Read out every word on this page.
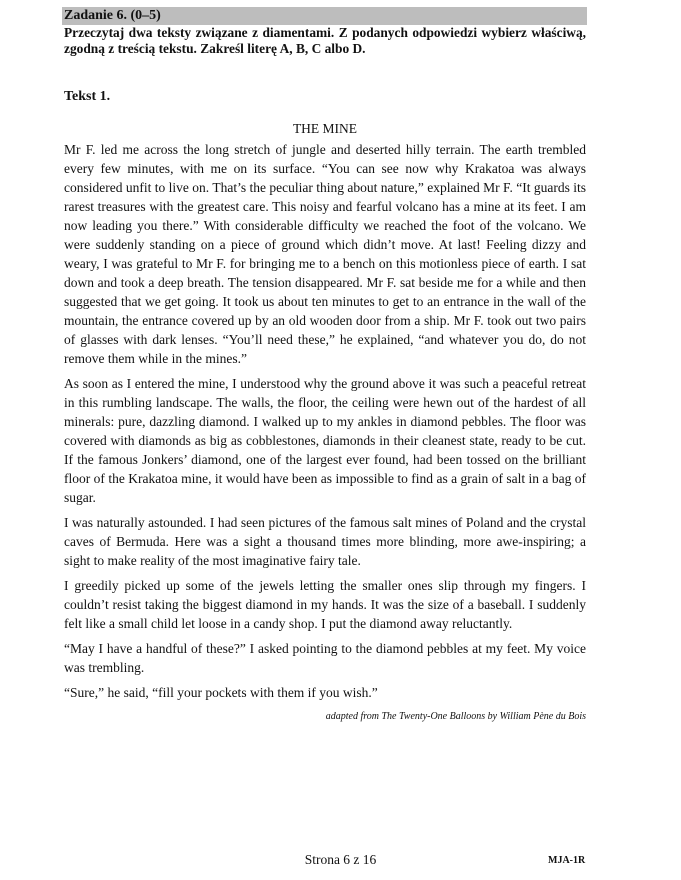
Zadanie 6. (0–5)
Przeczytaj dwa teksty związane z diamentami. Z podanych odpowiedzi wybierz właściwą, zgodną z treścią tekstu. Zakreśl literę A, B, C albo D.
Tekst 1.
THE MINE

Mr F. led me across the long stretch of jungle and deserted hilly terrain. The earth trembled every few minutes, with me on its surface. “You can see now why Krakatoa was always considered unfit to live on. That’s the peculiar thing about nature,” explained Mr F. “It guards its rarest treasures with the greatest care. This noisy and fearful volcano has a mine at its feet. I am now leading you there.” With considerable difficulty we reached the foot of the volcano. We were suddenly standing on a piece of ground which didn’t move. At last! Feeling dizzy and weary, I was grateful to Mr F. for bringing me to a bench on this motionless piece of earth. I sat down and took a deep breath. The tension disappeared. Mr F. sat beside me for a while and then suggested that we get going. It took us about ten minutes to get to an entrance in the wall of the mountain, the entrance covered up by an old wooden door from a ship. Mr F. took out two pairs of glasses with dark lenses. “You’ll need these,” he explained, “and whatever you do, do not remove them while in the mines.”

As soon as I entered the mine, I understood why the ground above it was such a peaceful retreat in this rumbling landscape. The walls, the floor, the ceiling were hewn out of the hardest of all minerals: pure, dazzling diamond. I walked up to my ankles in diamond pebbles. The floor was covered with diamonds as big as cobblestones, diamonds in their cleanest state, ready to be cut. If the famous Jonkers’ diamond, one of the largest ever found, had been tossed on the brilliant floor of the Krakatoa mine, it would have been as impossible to find as a grain of salt in a bag of sugar.

I was naturally astounded. I had seen pictures of the famous salt mines of Poland and the crystal caves of Bermuda. Here was a sight a thousand times more blinding, more awe-inspiring; a sight to make reality of the most imaginative fairy tale.

I greedily picked up some of the jewels letting the smaller ones slip through my fingers. I couldn’t resist taking the biggest diamond in my hands. It was the size of a baseball. I suddenly felt like a small child let loose in a candy shop. I put the diamond away reluctantly.

“May I have a handful of these?” I asked pointing to the diamond pebbles at my feet. My voice was trembling.

“Sure,” he said, “fill your pockets with them if you wish.”

adapted from The Twenty-One Balloons by William Pène du Bois
Strona 6 z 16	MJA-1R
